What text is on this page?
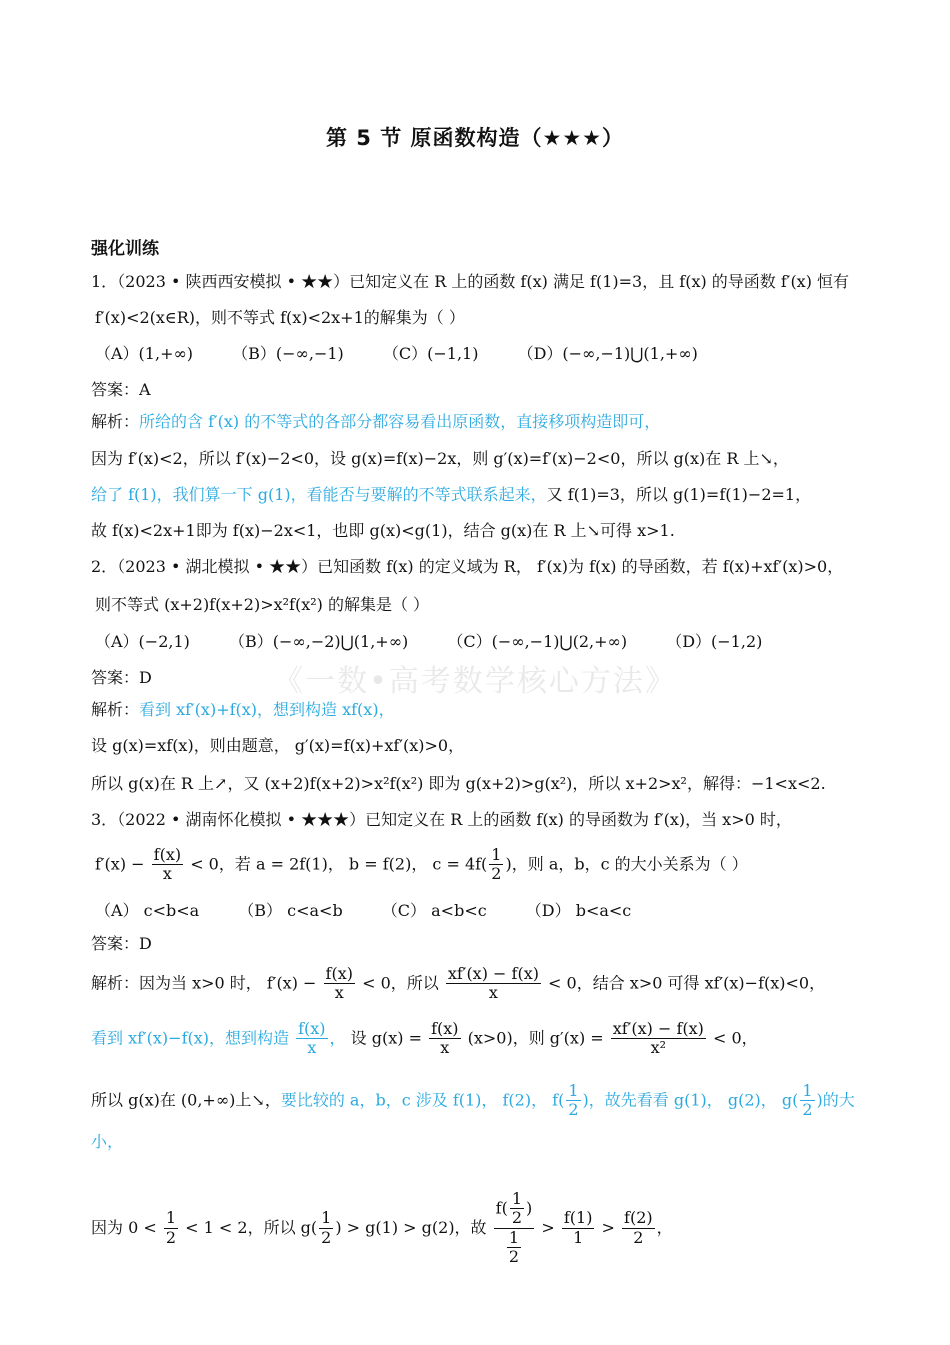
第 5 节 原函数构造（★★★）
强化训练
1．（2023 • 陕西西安模拟 • ★★）已知定义在 R 上的函数 f(x) 满足 f(1)=3，且 f(x) 的导函数 f′(x) 恒有
f′(x)<2(x∈R)，则不等式 f(x)<2x+1的解集为（ ）
（A）(1,+∞) （B）(−∞,−1) （C）(−1,1) （D）(−∞,−1)⋃(1,+∞)
答案：A
解析：所给的含 f′(x) 的不等式的各部分都容易看出原函数，直接移项构造即可，
因为 f′(x)<2，所以 f′(x)−2<0，设 g(x)=f(x)−2x，则 g′(x)=f′(x)−2<0，所以 g(x)在 R 上↘，
给了 f(1)，我们算一下 g(1)，看能否与要解的不等式联系起来，又 f(1)=3，所以 g(1)=f(1)−2=1，
故 f(x)<2x+1即为 f(x)−2x<1，也即 g(x)<g(1)，结合 g(x)在 R 上↘可得 x>1.
2．（2023 • 湖北模拟 • ★★）已知函数 f(x) 的定义域为 R， f′(x)为 f(x) 的导函数，若 f(x)+xf′(x)>0，
则不等式 (x+2)f(x+2)>x²f(x²) 的解集是（ ）
（A）(−2,1) （B）(−∞,−2)⋃(1,+∞) （C）(−∞,−1)⋃(2,+∞) （D）(−1,2)
《一数•高考数学核心方法》
答案：D
解析：看到 xf′(x)+f(x)，想到构造 xf(x)，
设 g(x)=xf(x)，则由题意， g′(x)=f(x)+xf′(x)>0，
所以 g(x)在 R 上↗，又 (x+2)f(x+2)>x²f(x²) 即为 g(x+2)>g(x²)，所以 x+2>x²，解得：−1<x<2.
3．（2022 • 湖南怀化模拟 • ★★★）已知定义在 R 上的函数 f(x) 的导函数为 f′(x)，当 x>0 时，
$f'(x) - \frac{f(x)}{x} < 0$，若 a = 2f(1)， b = f(2)， $c = 4f( \frac{1}{2}$ )，则 a，b，c 的大小关系为（ ）
（A） c<b<a （B） c<a<b （C） a<b<c （D） b<a<c
答案：D
解析：因为当 x>0 时， $f'(x) - \frac{f(x)}{x} < 0$，所以 $\frac{xf'(x) - f(x)}{x} < 0$，结合 x>0 可得 xf′(x)−f(x)<0，
看到 xf′(x)−f(x)，想到构造 $\frac{f(x)}{x}$ ， 设 $g(x) = \frac{f(x)}{x} (x>0)$，则 $g'(x) = \frac{xf'(x) - f(x)}{\text{x²}} < 0$，
所以 g(x)在 (0,+∞)上↘，要比较的 a，b，c 涉及 f(1)， f(2)， $f( \frac{1}{2}$ )，故先看看 g(1)， g(2)， $g( \frac{1}{2}$ )的大
小，
因为 $0 < \frac{1}{2} < 1 < 2$，所以 $g( \frac{1}{2}$ ) > g(1) > g(2)，故 $\frac{f( \frac{1}{2} )}{\frac{1}{2}} > \frac{f(1)}{1} > \frac{f(2)}{2}$ ，
